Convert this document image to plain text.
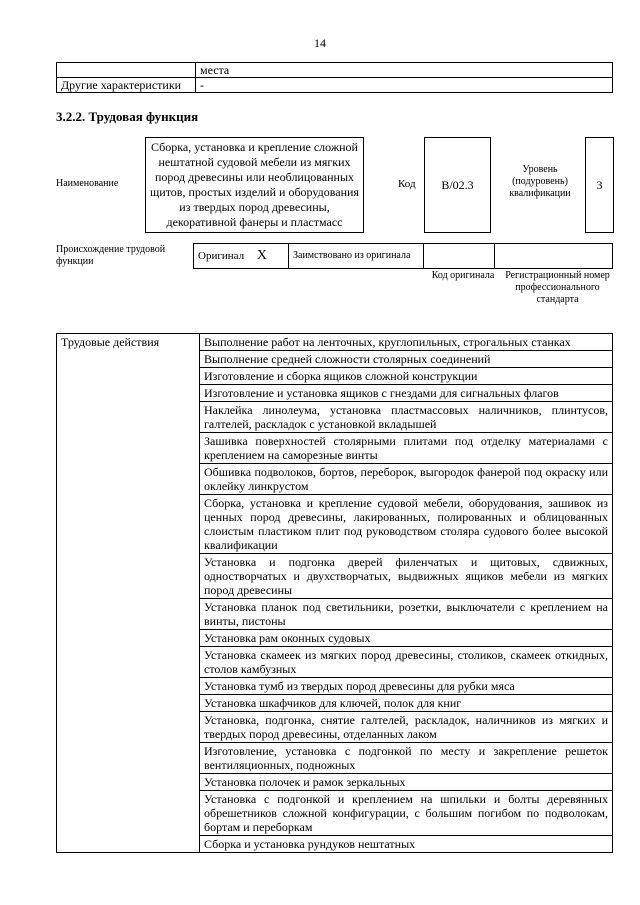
14
	места
Другие характеристики	-
3.2.2. Трудовая функция
Наименование
Сборка, установка и крепление сложной нештатной судовой мебели из мягких пород древесины или необлицованных щитов, простых изделий и оборудования из твердых пород древесины, декоративной фанеры и пластмасс
Код	B/02.3
Уровень (подуровень) квалификации
3
Происхождение трудовой функции	Оригинал X	Заимствовано из оригинала		
Код оригинала	Регистрационный номер профессионального стандарта
Трудовые действия	Выполнение работ на ленточных, круглопильных, строгальных станках
Выполнение средней сложности столярных соединений
Изготовление и сборка ящиков сложной конструкции
Изготовление и установка ящиков с гнездами для сигнальных флагов
Наклейка линолеума, установка пластмассовых наличников, плинтусов, галтелей, раскладок с установкой вкладышей
Зашивка поверхностей столярными плитами под отделку материалами с креплением на саморезные винты
Обшивка подволоков, бортов, переборок, выгородок фанерой под окраску или оклейку линкрустом
Сборка, установка и крепление судовой мебели, оборудования, зашивок из ценных пород древесины, лакированных, полированных и облицованных слоистым пластиком плит под руководством столяра судового более высокой квалификации
Установка и подгонка дверей филенчатых и щитовых, сдвижных, одностворчатых и двухстворчатых, выдвижных ящиков мебели из мягких пород древесины
Установка планок под светильники, розетки, выключатели с креплением на винты, пистоны
Установка рам оконных судовых
Установка скамеек из мягких пород древесины, столиков, скамеек откидных, столов камбузных
Установка тумб из твердых пород древесины для рубки мяса
Установка шкафчиков для ключей, полок для книг
Установка, подгонка, снятие галтелей, раскладок, наличников из мягких и твердых пород древесины, отделанных лаком
Изготовление, установка с подгонкой по месту и закрепление решеток вентиляционных, подножных
Установка полочек и рамок зеркальных
Установка с подгонкой и креплением на шпильки и болты деревянных обрешетников сложной конфигурации, с большим погибом по подволокам, бортам и переборкам
Сборка и установка рундуков нештатных
